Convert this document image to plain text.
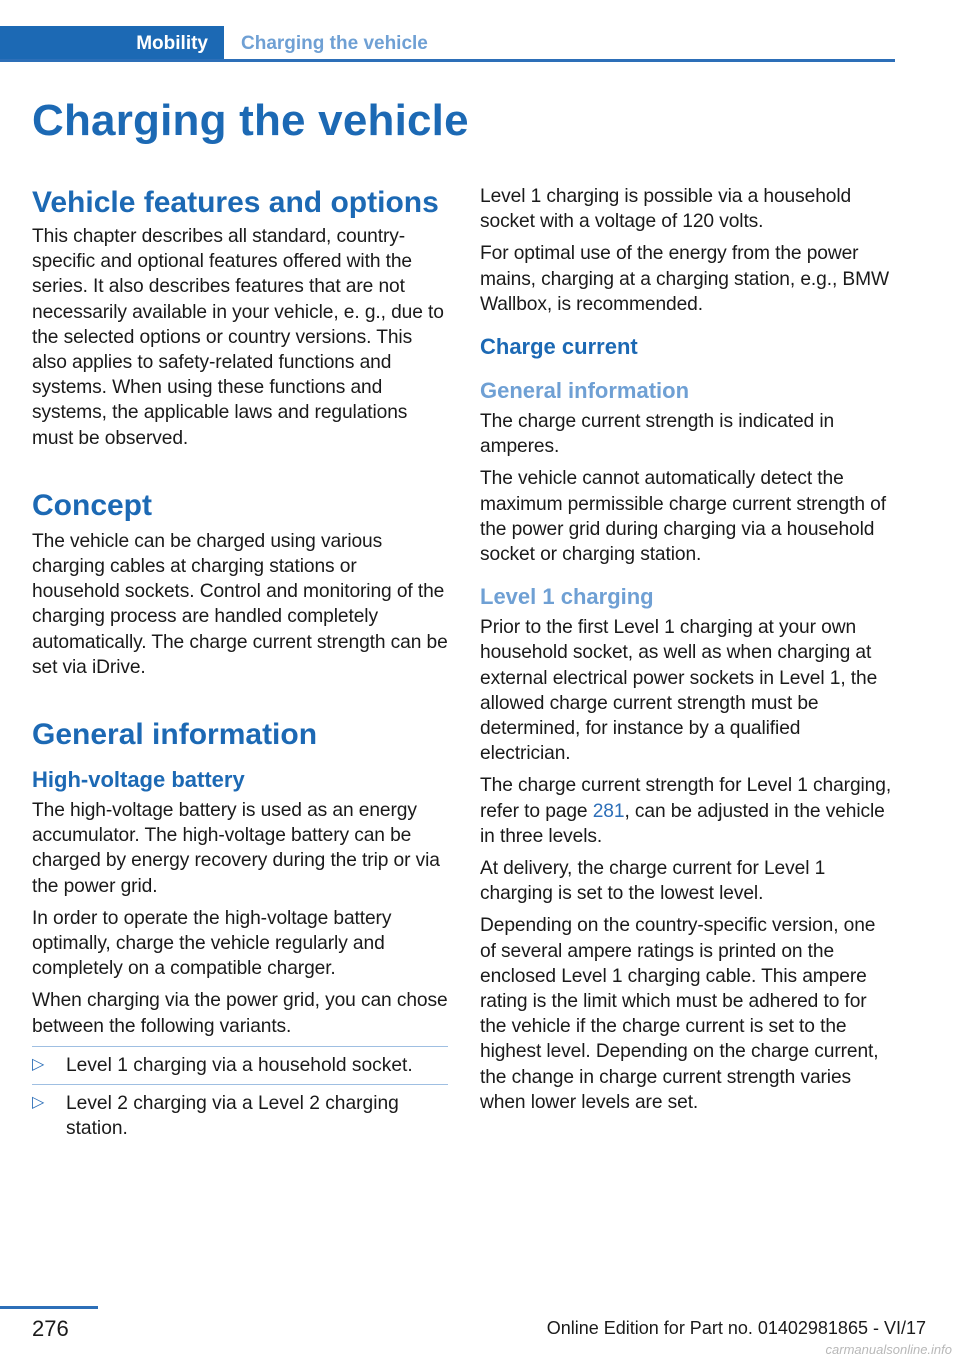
Mobility	Charging the vehicle
Charging the vehicle
Vehicle features and options

This chapter describes all standard, country-specific and optional features offered with the series. It also describes features that are not necessarily available in your vehicle, e. g., due to the selected options or country versions. This also applies to safety-related functions and systems. When using these functions and systems, the applicable laws and regulations must be observed.

Concept

The vehicle can be charged using various charging cables at charging stations or household sockets. Control and monitoring of the charging process are handled completely automatically. The charge current strength can be set via iDrive.

General information
High-voltage battery

The high-voltage battery is used as an energy accumulator. The high-voltage battery can be charged by energy recovery during the trip or via the power grid.

In order to operate the high-voltage battery optimally, charge the vehicle regularly and completely on a compatible charger.

When charging via the power grid, you can chose between the following variants.

▷ Level 1 charging via a household socket.
▷ Level 2 charging via a Level 2 charging station.

Level 1 charging is possible via a household socket with a voltage of 120 volts.

For optimal use of the energy from the power mains, charging at a charging station, e.g., BMW Wallbox, is recommended.

Charge current
General information

The charge current strength is indicated in amperes.

The vehicle cannot automatically detect the maximum permissible charge current strength of the power grid during charging via a household socket or charging station.

Level 1 charging

Prior to the first Level 1 charging at your own household socket, as well as when charging at external electrical power sockets in Level 1, the allowed charge current strength must be determined, for instance by a qualified electrician.

The charge current strength for Level 1 charging, refer to page 281, can be adjusted in the vehicle in three levels.

At delivery, the charge current for Level 1 charging is set to the lowest level.

Depending on the country-specific version, one of several ampere ratings is printed on the enclosed Level 1 charging cable. This ampere rating is the limit which must be adhered to for the vehicle if the charge current is set to the highest level. Depending on the charge current, the change in charge current strength varies when lower levels are set.

276	Online Edition for Part no. 01402981865 - VI/17
carmanualsonline.info
